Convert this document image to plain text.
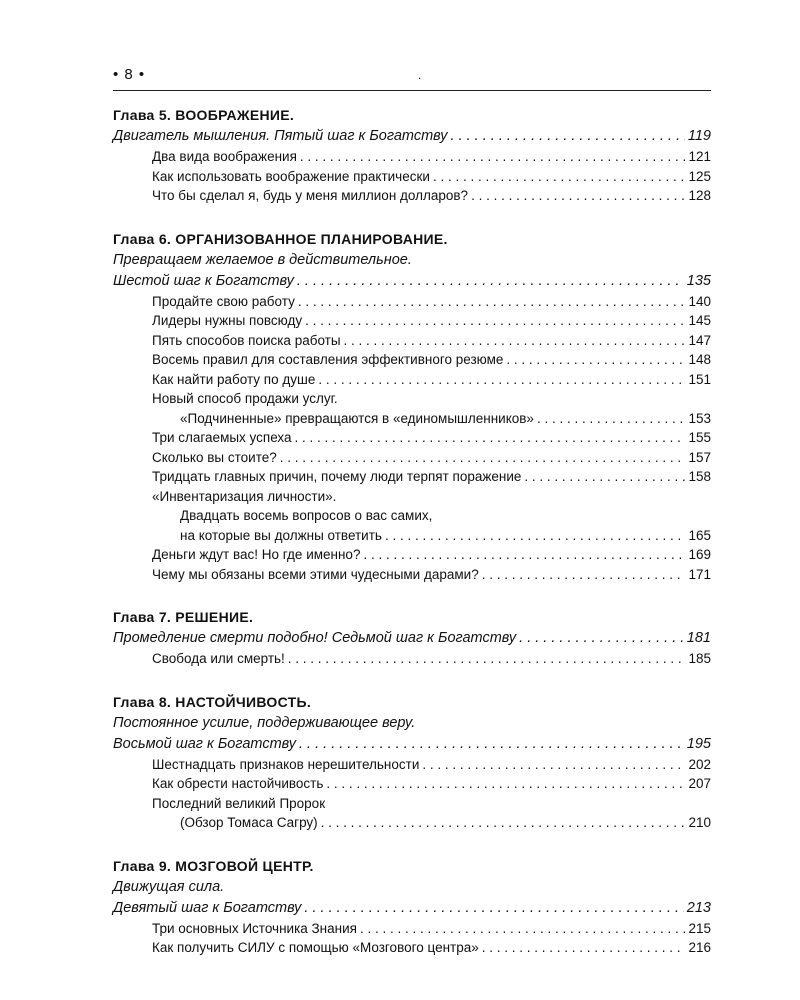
• 8 •	.
Глава 5. ВООБРАЖЕНИЕ.
Двигатель мышления. Пятый шаг к Богатству . . .	119
Два вида воображения . . .	121
Как использовать воображение практически . . .	125
Что бы сделал я, будь у меня миллион долларов? . . .	128
Глава 6. ОРГАНИЗОВАННОЕ ПЛАНИРОВАНИЕ.
Превращаем желаемое в действительное.
Шестой шаг к Богатству . . .	135
Продайте свою работу . . .	140
Лидеры нужны повсюду . . .	145
Пять способов поиска работы . . .	147
Восемь правил для составления эффективного резюме . . .	148
Как найти работу по душе . . .	151
Новый способ продажи услуг.
«Подчиненные» превращаются в «единомышленников» . . .	153
Три слагаемых успеха . . .	155
Сколько вы стоите? . . .	157
Тридцать главных причин, почему люди терпят поражение . . .	158
«Инвентаризация личности».
Двадцать восемь вопросов о вас самих,
на которые вы должны ответить . . .	165
Деньги ждут вас! Но где именно? . . .	169
Чему мы обязаны всеми этими чудесными дарами? . . .	171
Глава 7. РЕШЕНИЕ.
Промедление смерти подобно! Седьмой шаг к Богатству . . .	181
Свобода или смерть! . . .	185
Глава 8. НАСТОЙЧИВОСТЬ.
Постоянное усилие, поддерживающее веру.
Восьмой шаг к Богатству . . .	195
Шестнадцать признаков нерешительности . . .	202
Как обрести настойчивость . . .	207
Последний великий Пророк
(Обзор Томаса Сагру) . . .	210
Глава 9. МОЗГОВОЙ ЦЕНТР.
Движущая сила.
Девятый шаг к Богатству . . .	213
Три основных Источника Знания . . .	215
Как получить СИЛУ с помощью «Мозгового центра» . . .	216
